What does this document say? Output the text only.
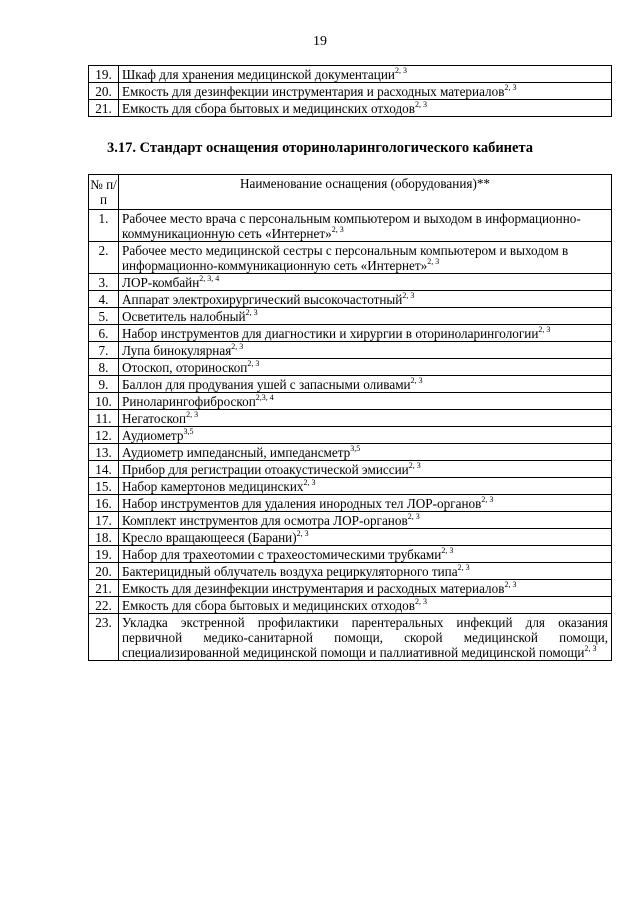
19
19.	Шкаф для хранения медицинской документации$^{2, 3}$
20.	Емкость для дезинфекции инструментария и расходных материалов$^{2, 3}$
21.	Емкость для сбора бытовых и медицинских отходов$^{2, 3}$
3.17. Стандарт оснащения оториноларингологического кабинета
№ п/п	Наименование оснащения (оборудования)**
1.	Рабочее место врача с персональным компьютером и выходом в информационно-коммуникационную сеть «Интернет»$^{2, 3}$
2.	Рабочее место медицинской сестры с персональным компьютером и выходом в информационно-коммуникационную сеть «Интернет»$^{2, 3}$
3.	ЛОР-комбайн$^{2, 3, 4}$
4.	Аппарат электрохирургический высокочастотный$^{2, 3}$
5.	Осветитель налобный$^{2, 3}$
6.	Набор инструментов для диагностики и хирургии в оториноларингологии$^{2, 3}$
7.	Лупа бинокулярная$^{2, 3}$
8.	Отоскоп, оториноскоп$^{2, 3}$
9.	Баллон для продувания ушей с запасными оливами$^{2, 3}$
10.	Риноларингофиброскоп$^{2,3, 4}$
11.	Негатоскоп$^{2, 3}$
12.	Аудиометр$^{3,5}$
13.	Аудиометр импедансный, импедансметр$^{3,5}$
14.	Прибор для регистрации отоакустической эмиссии$^{2, 3}$
15.	Набор камертонов медицинских$^{2, 3}$
16.	Набор инструментов для удаления инородных тел ЛОР-органов$^{2, 3}$
17.	Комплект инструментов для осмотра ЛОР-органов$^{2, 3}$
18.	Кресло вращающееся (Барани)$^{2, 3}$
19.	Набор для трахеотомии с трахеостомическими трубками$^{2, 3}$
20.	Бактерицидный облучатель воздуха рециркуляторного типа$^{2, 3}$
21.	Емкость для дезинфекции инструментария и расходных материалов$^{2, 3}$
22.	Емкость для сбора бытовых и медицинских отходов$^{2, 3}$
23.	Укладка экстренной профилактики парентеральных инфекций для оказания первичной медико-санитарной помощи, скорой медицинской помощи, специализированной медицинской помощи и паллиативной медицинской помощи$^{2, 3}$
